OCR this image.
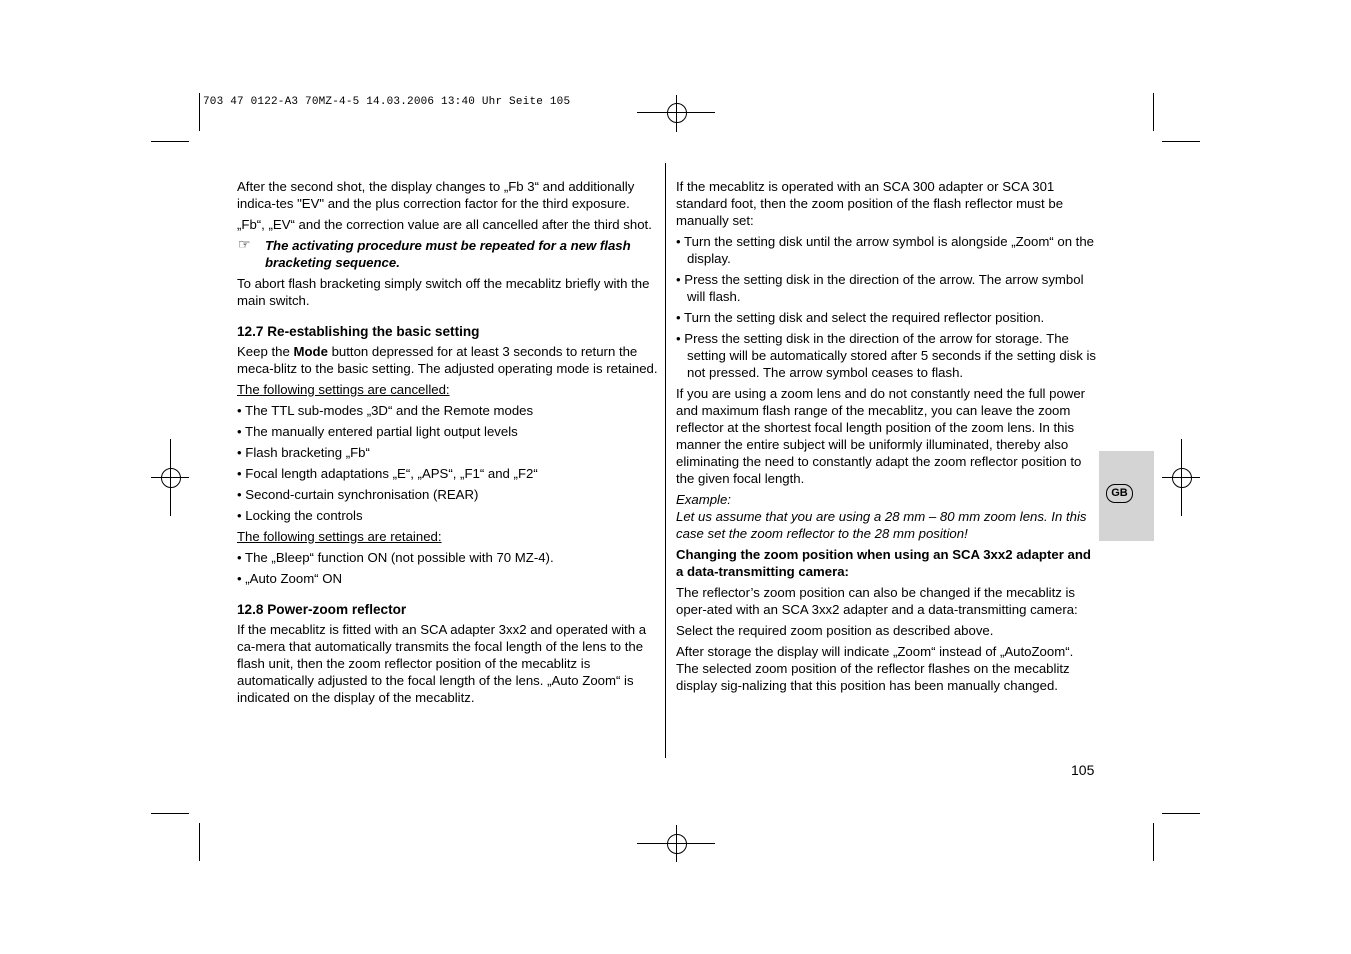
703 47 0122-A3 70MZ-4-5 14.03.2006 13:40 Uhr Seite 105

After the second shot, the display changes to „Fb 3“ and additionally indica-tes "EV" and the plus correction factor for the third exposure.

„Fb“, „EV“ and the correction value are all cancelled after the third shot.

☞ The activating procedure must be repeated for a new flash bracketing sequence.

To abort flash bracketing simply switch off the mecablitz briefly with the main switch.

12.7 Re-establishing the basic setting

Keep the Mode button depressed for at least 3 seconds to return the meca-blitz to the basic setting. The adjusted operating mode is retained.

The following settings are cancelled:

• The TTL sub-modes „3D“ and the Remote modes

• The manually entered partial light output levels

• Flash bracketing „Fb“

• Focal length adaptations „E“, „APS“, „F1“ and „F2“

• Second-curtain synchronisation (REAR)

• Locking the controls

The following settings are retained:

• The „Bleep“ function ON (not possible with 70 MZ-4).

• „Auto Zoom“ ON

12.8 Power-zoom reflector

If the mecablitz is fitted with an SCA adapter 3xx2 and operated with a ca-mera that automatically transmits the focal length of the lens to the flash unit, then the zoom reflector position of the mecablitz is automatically adjusted to the focal length of the lens. „Auto Zoom“ is indicated on the display of the mecablitz.

If the mecablitz is operated with an SCA 300 adapter or SCA 301 standard foot, then the zoom position of the flash reflector must be manually set:

• Turn the setting disk until the arrow symbol is alongside „Zoom“ on the display.

• Press the setting disk in the direction of the arrow. The arrow symbol will flash.

• Turn the setting disk and select the required reflector position.

• Press the setting disk in the direction of the arrow for storage. The setting will be automatically stored after 5 seconds if the setting disk is not pressed. The arrow symbol ceases to flash.

If you are using a zoom lens and do not constantly need the full power and maximum flash range of the mecablitz, you can leave the zoom reflector at the shortest focal length position of the zoom lens. In this manner the entire subject will be uniformly illuminated, thereby also eliminating the need to constantly adapt the zoom reflector position to the given focal length.

Example:

Let us assume that you are using a 28 mm – 80 mm zoom lens. In this case set the zoom reflector to the 28 mm position!

Changing the zoom position when using an SCA 3xx2 adapter and a data-transmitting camera:

The reflector’s zoom position can also be changed if the mecablitz is oper-ated with an SCA 3xx2 adapter and a data-transmitting camera:

Select the required zoom position as described above.

After storage the display will indicate „Zoom“ instead of „AutoZoom“. The selected zoom position of the reflector flashes on the mecablitz display sig-nalizing that this position has been manually changed.

GB
105
